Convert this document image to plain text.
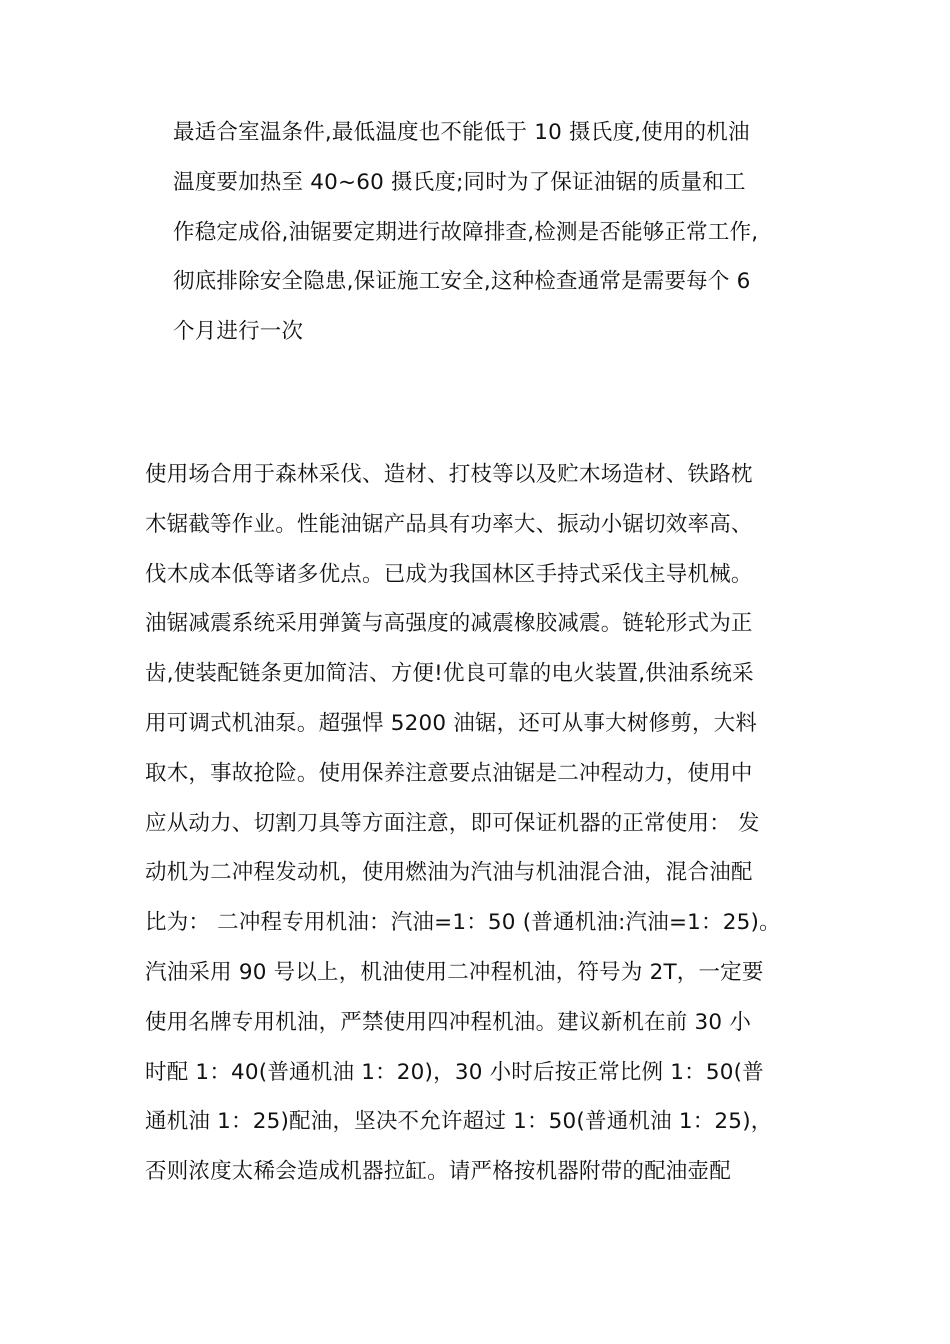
最适合室温条件,最低温度也不能低于 10 摄氏度,使用的机油
温度要加热至 40~60 摄氏度;同时为了保证油锯的质量和工
作稳定成俗,油锯要定期进行故障排查,检测是否能够正常工作,
彻底排除安全隐患,保证施工安全,这种检查通常是需要每个 6
个月进行一次
使用场合用于森林采伐、造材、打枝等以及贮木场造材、铁路枕
木锯截等作业。性能油锯产品具有功率大、振动小锯切效率高、
伐木成本低等诸多优点。已成为我国林区手持式采伐主导机械。
油锯减震系统采用弹簧与高强度的减震橡胶减震。链轮形式为正
齿,使装配链条更加简洁、方便!优良可靠的电火装置,供油系统采
用可调式机油泵。超强悍 5200 油锯，还可从事大树修剪，大料
取木，事故抢险。使用保养注意要点油锯是二冲程动力，使用中
应从动力、切割刀具等方面注意，即可保证机器的正常使用： 发
动机为二冲程发动机，使用燃油为汽油与机油混合油，混合油配
比为： 二冲程专用机油：汽油=1：50 (普通机油:汽油=1：25)。
汽油采用 90 号以上，机油使用二冲程机油，符号为 2T，一定要
使用名牌专用机油，严禁使用四冲程机油。建议新机在前 30 小
时配 1：40(普通机油 1：20)，30 小时后按正常比例 1：50(普
通机油 1：25)配油，坚决不允许超过 1：50(普通机油 1：25)，
否则浓度太稀会造成机器拉缸。请严格按机器附带的配油壶配
